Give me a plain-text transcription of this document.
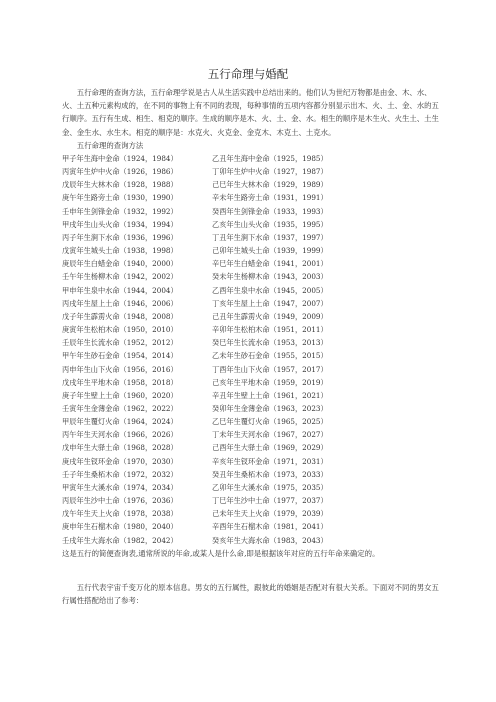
五行命理与婚配

五行命理的查询方法，五行命理学说是古人从生活实践中总结出来的。他们认为世纪万物都是由金、木、水、火、土五种元素构成的，在不同的事物上有不同的表现，每种事情的五项内容都分别显示出木、火、土、金、水的五行顺序。五行有生成、相生、相克的顺序。生成的顺序是木、火、土、金、水。相生的顺序是木生火、火生土、土生金、金生水、水生木。相克的顺序是：水克火、火克金、金克木、木克土、土克水。

五行命理的查询方法
甲子年生海中金命（1924，1984）	乙丑年生海中金命（1925，1985）
丙寅年生炉中火命（1926，1986）	丁卯年生炉中火命（1927，1987）
戊辰年生大林木命（1928，1988）	己巳年生大林木命（1929，1989）
庚午年生路旁土命（1930，1990）	辛未年生路旁土命（1931，1991）
壬申年生剑锋金命（1932，1992）	癸酉年生剑锋金命（1933，1993）
甲戌年生山头火命（1934，1994）	乙亥年生山头火命（1935，1995）
丙子年生涧下水命（1936，1996）	丁丑年生涧下水命（1937，1997）
戊寅年生城头土命（1938，1998）	己卯年生城头土命（1939，1999）
庚辰年生白蜡金命（1940，2000）	辛巳年生白蜡金命（1941，2001）
壬午年生杨柳木命（1942，2002）	癸未年生杨柳木命（1943，2003）
甲申年生泉中水命（1944，2004）	乙酉年生泉中水命（1945，2005）
丙戌年生屋上土命（1946，2006）	丁亥年生屋上土命（1947，2007）
戊子年生霹雳火命（1948，2008）	己丑年生霹雳火命（1949，2009）
庚寅年生松柏木命（1950，2010）	辛卯年生松柏木命（1951，2011）
壬辰年生长流水命（1952，2012）	癸巳年生长流水命（1953，2013）
甲午年生砂石金命（1954，2014）	乙未年生砂石金命（1955，2015）
丙申年生山下火命（1956，2016）	丁酉年生山下火命（1957，2017）
戊戌年生平地木命（1958，2018）	己亥年生平地木命（1959，2019）
庚子年生壁上土命（1960，2020）	辛丑年生壁上土命（1961，2021）
壬寅年生金薄金命（1962，2022）	癸卯年生金薄金命（1963，2023）
甲辰年生覆灯火命（1964，2024）	乙巳年生覆灯火命（1965，2025）
丙午年生天河水命（1966，2026）	丁未年生天河水命（1967，2027）
戊申年生大驿土命（1968，2028）	己酉年生大驿土命（1969，2029）
庚戌年生钗环金命（1970，2030）	辛亥年生钗环金命（1971，2031）
壬子年生桑柘木命（1972，2032）	癸丑年生桑柘木命（1973，2033）
甲寅年生大溪水命（1974，2034）	乙卯年生大溪水命（1975，2035）
丙辰年生沙中土命（1976，2036）	丁巳年生沙中土命（1977，2037）
戊午年生天上火命（1978，2038）	己未年生天上火命（1979，2039）
庚申年生石榴木命（1980，2040）	辛酉年生石榴木命（1981，2041）
壬戌年生大海水命（1982，2042）	癸亥年生大海水命（1983，2043）

这是五行的简便查询表,通常所说的年命,或某人是什么命,即是根据该年对应的五行年命来确定的。

五行代表宇宙千变万化的原本信息。男女的五行属性，跟彼此的婚姻是否配对有很大关系。下面对不同的男女五行属性搭配给出了参考：
